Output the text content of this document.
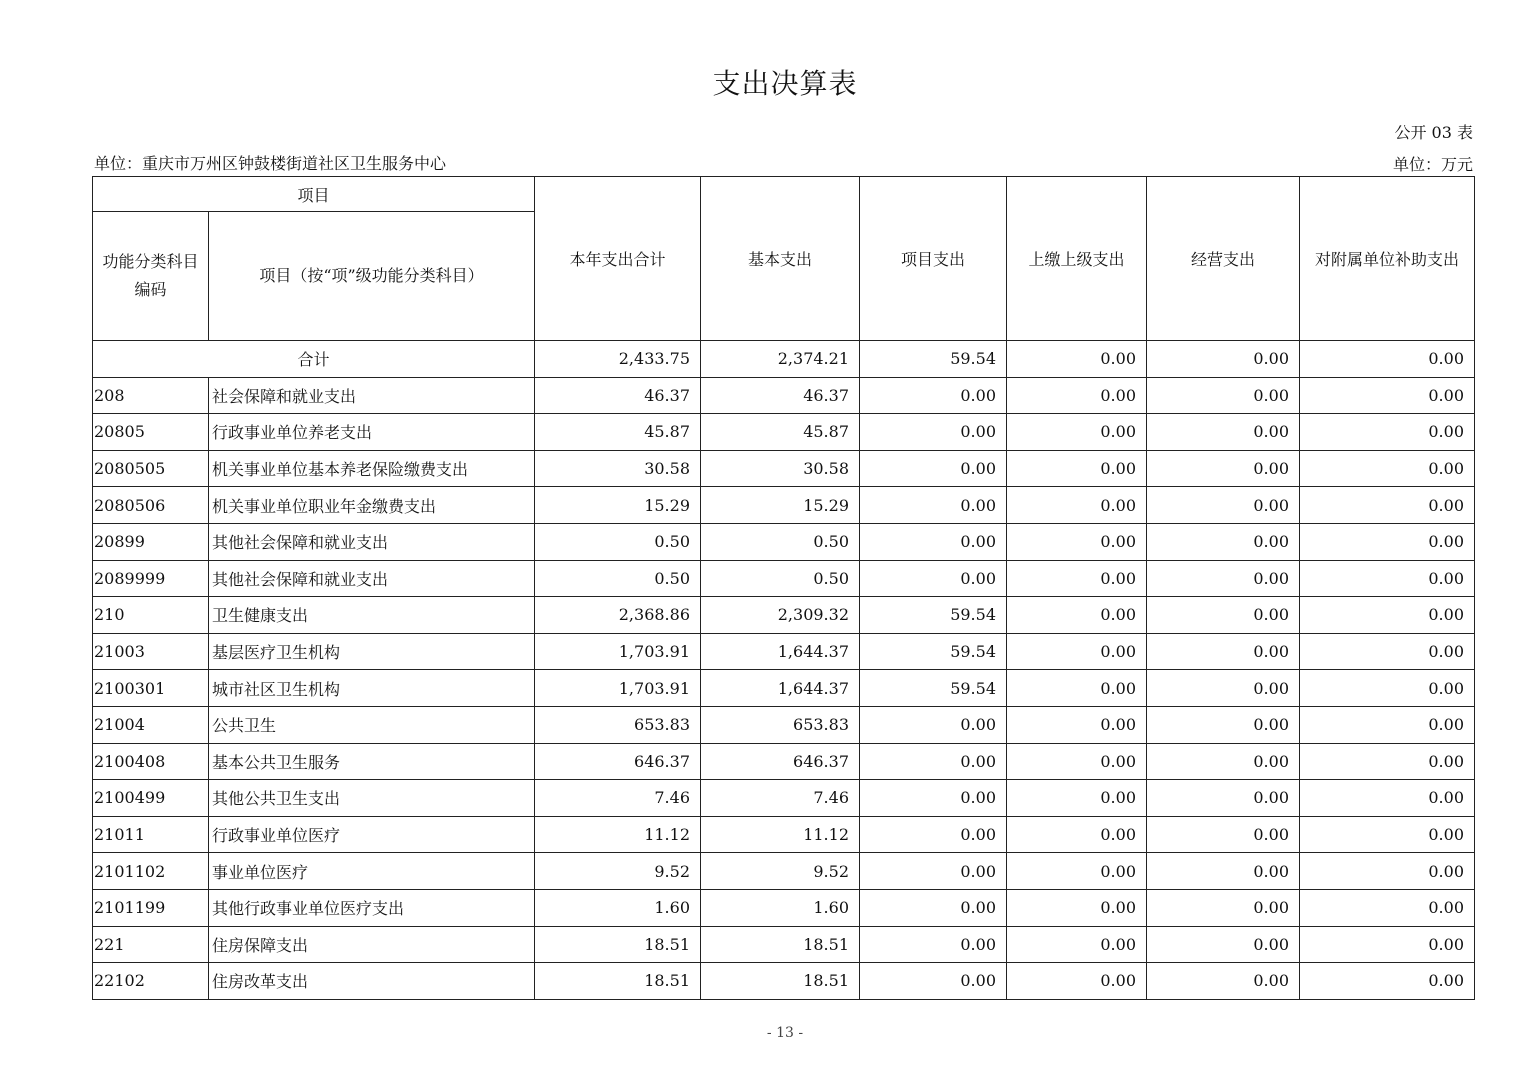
支出决算表
公开 03 表
单位：重庆市万州区钟鼓楼街道社区卫生服务中心	单位：万元
项目		本年支出合计	基本支出	项目支出	上缴上级支出	经营支出	对附属单位补助支出
功能分类科目编码	项目（按“项”级功能分类科目）						
合计		2,433.75	2,374.21	59.54	0.00	0.00	0.00
208	社会保障和就业支出	46.37	46.37	0.00	0.00	0.00	0.00
20805	行政事业单位养老支出	45.87	45.87	0.00	0.00	0.00	0.00
2080505	机关事业单位基本养老保险缴费支出	30.58	30.58	0.00	0.00	0.00	0.00
2080506	机关事业单位职业年金缴费支出	15.29	15.29	0.00	0.00	0.00	0.00
20899	其他社会保障和就业支出	0.50	0.50	0.00	0.00	0.00	0.00
2089999	其他社会保障和就业支出	0.50	0.50	0.00	0.00	0.00	0.00
210	卫生健康支出	2,368.86	2,309.32	59.54	0.00	0.00	0.00
21003	基层医疗卫生机构	1,703.91	1,644.37	59.54	0.00	0.00	0.00
2100301	城市社区卫生机构	1,703.91	1,644.37	59.54	0.00	0.00	0.00
21004	公共卫生	653.83	653.83	0.00	0.00	0.00	0.00
2100408	基本公共卫生服务	646.37	646.37	0.00	0.00	0.00	0.00
2100499	其他公共卫生支出	7.46	7.46	0.00	0.00	0.00	0.00
21011	行政事业单位医疗	11.12	11.12	0.00	0.00	0.00	0.00
2101102	事业单位医疗	9.52	9.52	0.00	0.00	0.00	0.00
2101199	其他行政事业单位医疗支出	1.60	1.60	0.00	0.00	0.00	0.00
221	住房保障支出	18.51	18.51	0.00	0.00	0.00	0.00
22102	住房改革支出	18.51	18.51	0.00	0.00	0.00	0.00
- 13 -
